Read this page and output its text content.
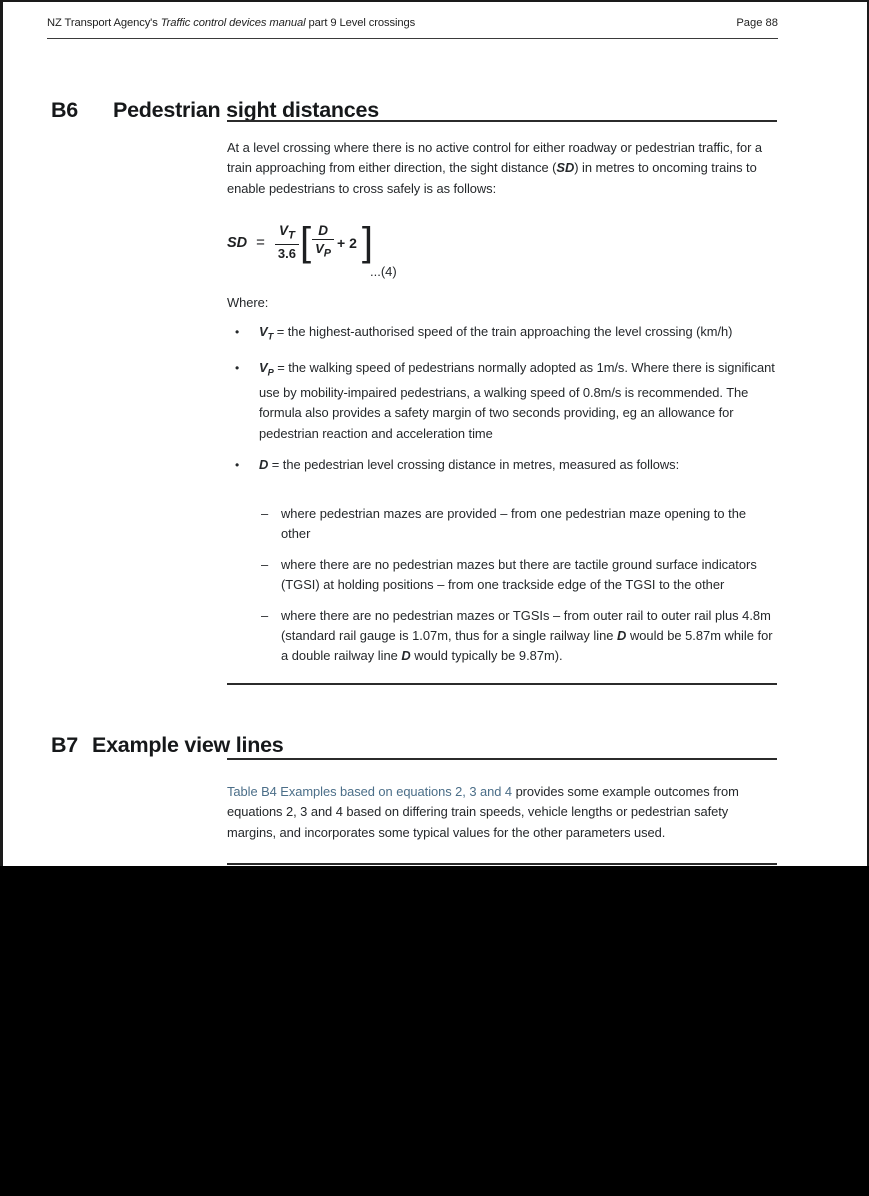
NZ Transport Agency's Traffic control devices manual part 9 Level crossings	Page 88
B6	Pedestrian sight distances

At a level crossing where there is no active control for either roadway or pedestrian traffic, for a train approaching from either direction, the sight distance (SD) in metres to oncoming trains to enable pedestrians to cross safely is as follows:

SD = $\frac{V_T}{3.6}$ [ $\frac{D}{V_P} + 2$ ]
...(4)

Where:

• $V_T$ = the highest-authorised speed of the train approaching the level crossing (km/h)
• $V_P$ = the walking speed of pedestrians normally adopted as 1m/s. Where there is significant use by mobility-impaired pedestrians, a walking speed of 0.8m/s is recommended. The formula also provides a safety margin of two seconds providing, eg an allowance for pedestrian reaction and acceleration time
• D = the pedestrian level crossing distance in metres, measured as follows:
– where pedestrian mazes are provided – from one pedestrian maze opening to the other
– where there are no pedestrian mazes but there are tactile ground surface indicators (TGSI) at holding positions – from one trackside edge of the TGSI to the other
– where there are no pedestrian mazes or TGSIs – from outer rail to outer rail plus 4.8m (standard rail gauge is 1.07m, thus for a single railway line D would be 5.87m while for a double railway line D would typically be 9.87m).
B7 Example view lines

Table B4 Examples based on equations 2, 3 and 4 provides some example outcomes from equations 2, 3 and 4 based on differing train speeds, vehicle lengths or pedestrian safety margins, and incorporates some typical values for the other parameters used.
